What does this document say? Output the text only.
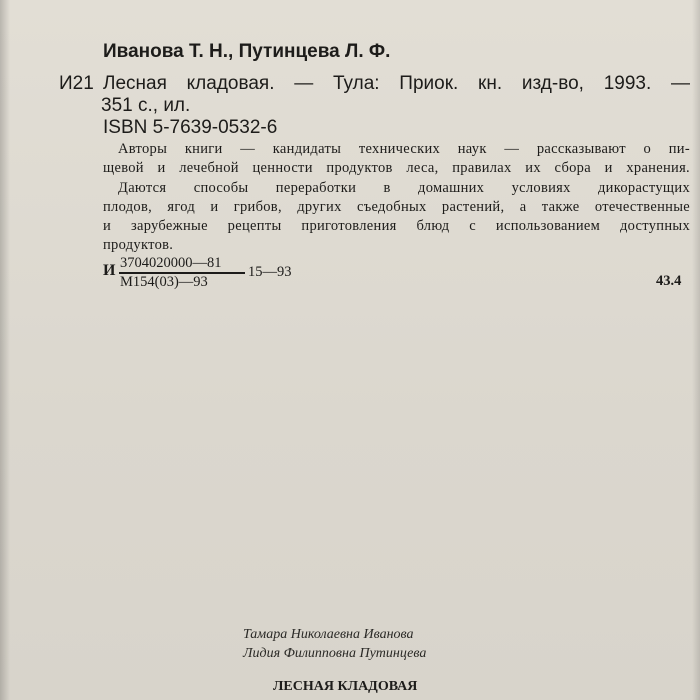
Иванова Т. Н., Путинцева Л. Ф.

И21 Лесная кладовая. — Тула: Приок. кн. изд-во, 1993. —

351 с., ил.

ISBN 5-7639-0532-6

Авторы книги — кандидаты технических наук — рассказывают о пи-

щевой и лечебной ценности продуктов леса, правилах их сбора и хранения.

Даются способы переработки в домашних условиях дикорастущих

плодов, ягод и грибов, других съедобных растений, а также отечественные

и зарубежные рецепты приготовления блюд с использованием доступных

продуктов.

И 3704020000—81

М154(03)—93

15—93

43.4

Тамара Николаевна Иванова

Лидия Филипповна Путинцева

ЛЕСНАЯ КЛАДОВАЯ
